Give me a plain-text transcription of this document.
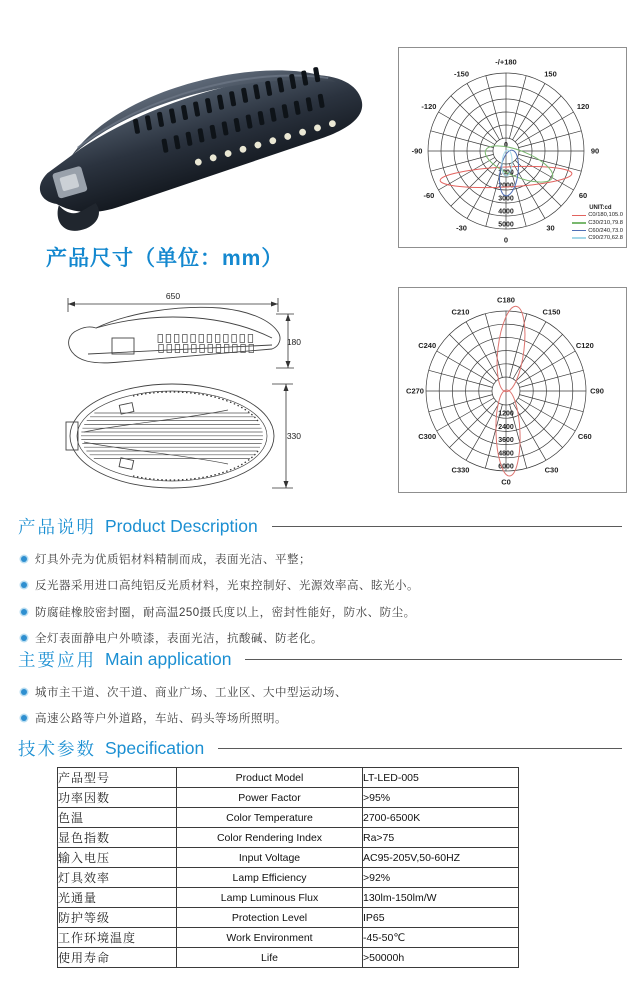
-/+180
150
120
90
60
30
0
-30
-60
-90
-120
-150
1000
2000
3000
4000
5000
0
UNIT:cd
C0/180,105.0
C30/210,79.8
C60/240,73.0
C90/270,62.8
产品尺寸（单位：mm）
650
180
330
C0
C30
C60
C90
C120
C150
C180
C210
C240
C270
C300
C330
1200
2400
3600
4800
6000
产品说明 Product Description
灯具外壳为优质铝材料精制而成，表面光洁、平整；
反光器采用进口高纯铝反光质材料，光束控制好、光源效率高、眩光小。
防腐硅橡胶密封圈，耐高温250摄氏度以上，密封性能好，防水、防尘。
全灯表面静电户外喷漆，表面光洁，抗酸碱、防老化。
主要应用 Main application
城市主干道、次干道、商业广场、工业区、大中型运动场、
高速公路等户外道路，车站、码头等场所照明。
技术参数 Specification
产品型号	Product Model	LT-LED-005
功率因数	Power Factor	>95%
色温	Color Temperature	2700-6500K
显色指数	Color Rendering Index	Ra>75
输入电压	Input Voltage	AC95-205V,50-60HZ
灯具效率	Lamp Efficiency	>92%
光通量	Lamp Luminous Flux	130lm-150lm/W
防护等级	Protection Level	IP65
工作环境温度	Work Environment	-45-50℃
使用寿命	Life	>50000h
